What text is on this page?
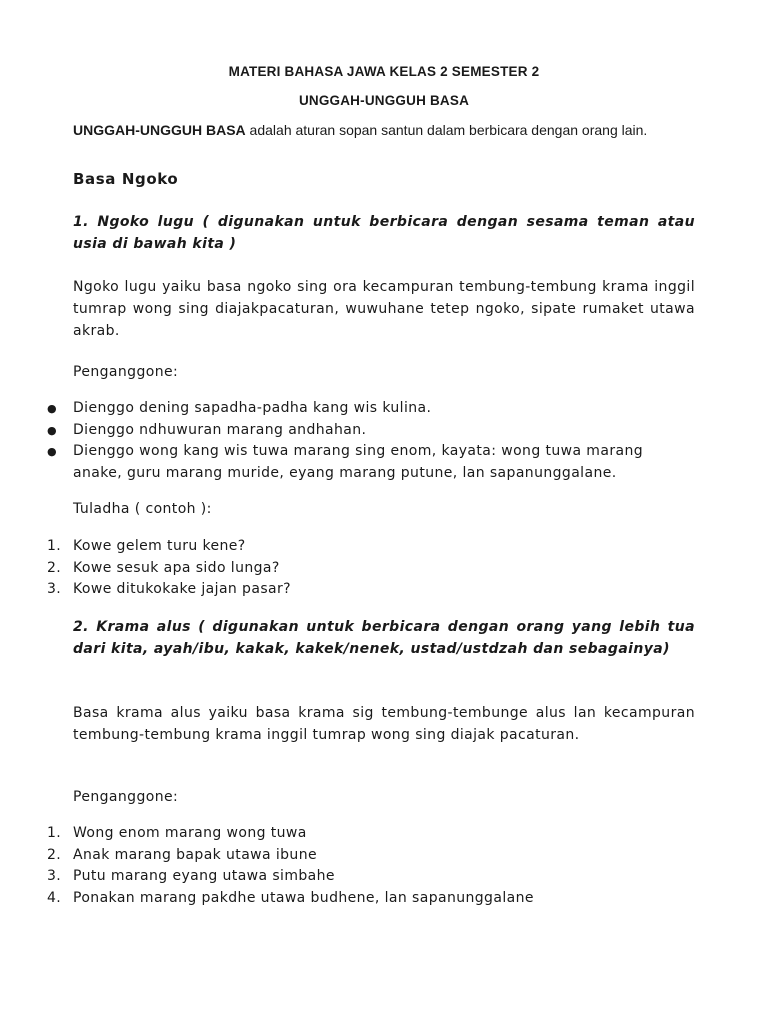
MATERI BAHASA JAWA KELAS 2 SEMESTER 2
UNGGAH-UNGGUH BASA
UNGGAH-UNGGUH BASA adalah aturan sopan santun dalam berbicara dengan orang lain.
Basa Ngoko
1. Ngoko lugu ( digunakan untuk berbicara dengan sesama teman atau usia di bawah kita )
Ngoko lugu yaiku basa ngoko sing ora kecampuran tembung-tembung krama inggil tumrap wong sing diajakpacaturan, wuwuhane tetep ngoko, sipate rumaket utawa akrab.
Penganggone:
●	Dienggo dening sapadha-padha kang wis kulina.
●	Dienggo ndhuwuran marang andhahan.
●	Dienggo wong kang wis tuwa marang sing enom, kayata: wong tuwa marang anake, guru marang muride, eyang marang putune, lan sapanunggalane.
Tuladha ( contoh ):
1. Kowe gelem turu kene?
2. Kowe sesuk apa sido lunga?
3. Kowe ditukokake jajan pasar?
2. Krama alus ( digunakan untuk berbicara dengan orang yang lebih tua dari kita, ayah/ibu, kakak, kakek/nenek, ustad/ustdzah dan sebagainya)
Basa krama alus yaiku basa krama sig tembung-tembunge alus lan kecampuran tembung-tembung krama inggil tumrap wong sing diajak pacaturan.
Penganggone:
1. Wong enom marang wong tuwa
2. Anak marang bapak utawa ibune
3. Putu marang eyang utawa simbahe
4. Ponakan marang pakdhe utawa budhene, lan sapanunggalane
